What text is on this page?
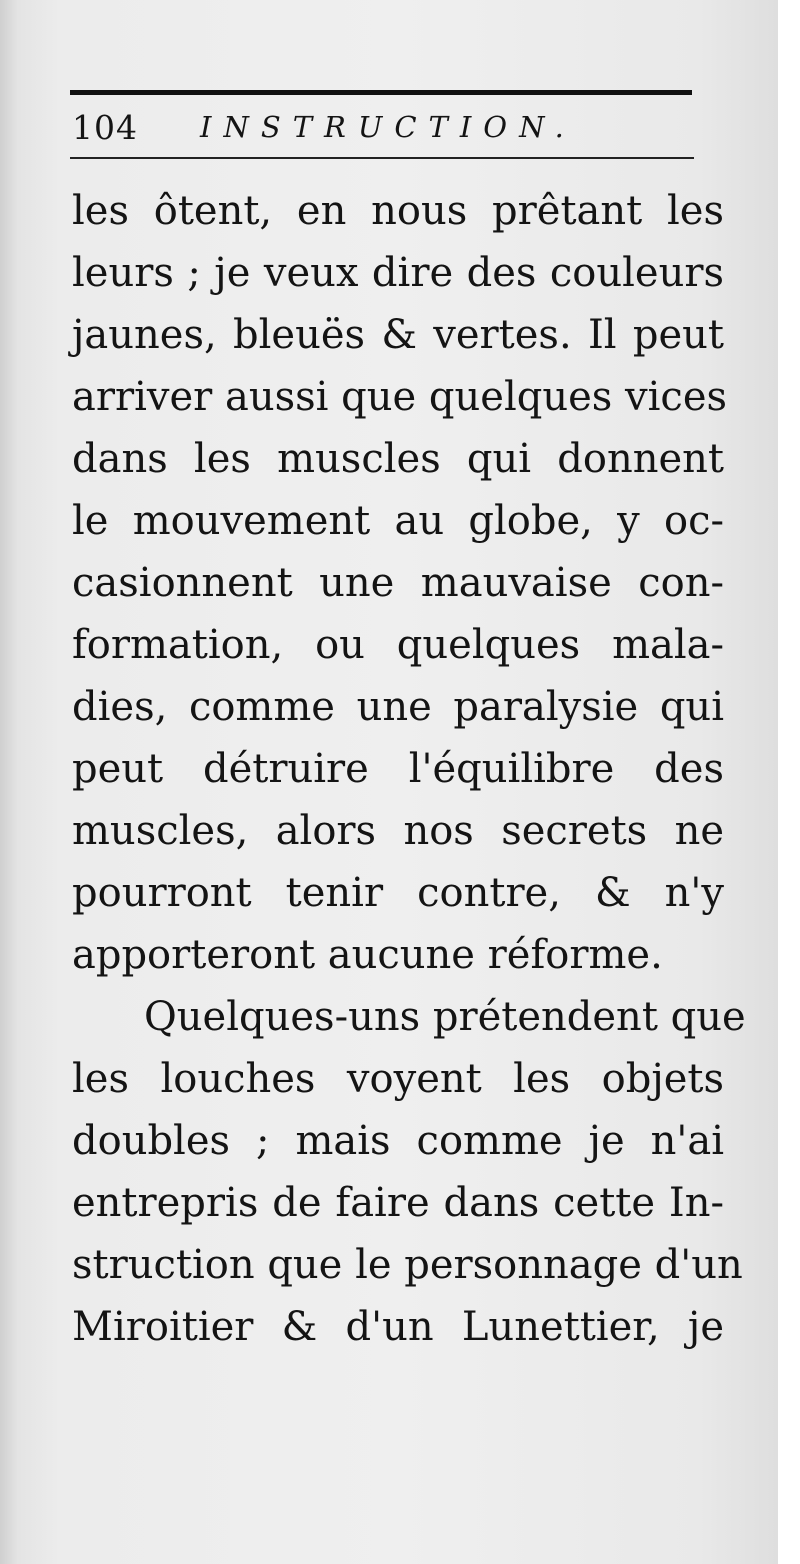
104 INSTRUCTION.
les ôtent, en nous prêtant les
leurs ; je veux dire des couleurs
jaunes, bleuës & vertes. Il peut
arriver aussi que quelques vices
dans les muscles qui donnent
le mouvement au globe, y oc-
casionnent une mauvaise con-
formation, ou quelques mala-
dies, comme une paralysie qui
peut détruire l'équilibre des
muscles, alors nos secrets ne
pourront tenir contre, & n'y
apporteront aucune réforme.
Quelques-uns prétendent que
les louches voyent les objets
doubles ; mais comme je n'ai
entrepris de faire dans cette In-
struction que le personnage d'un
Miroitier & d'un Lunettier, je
